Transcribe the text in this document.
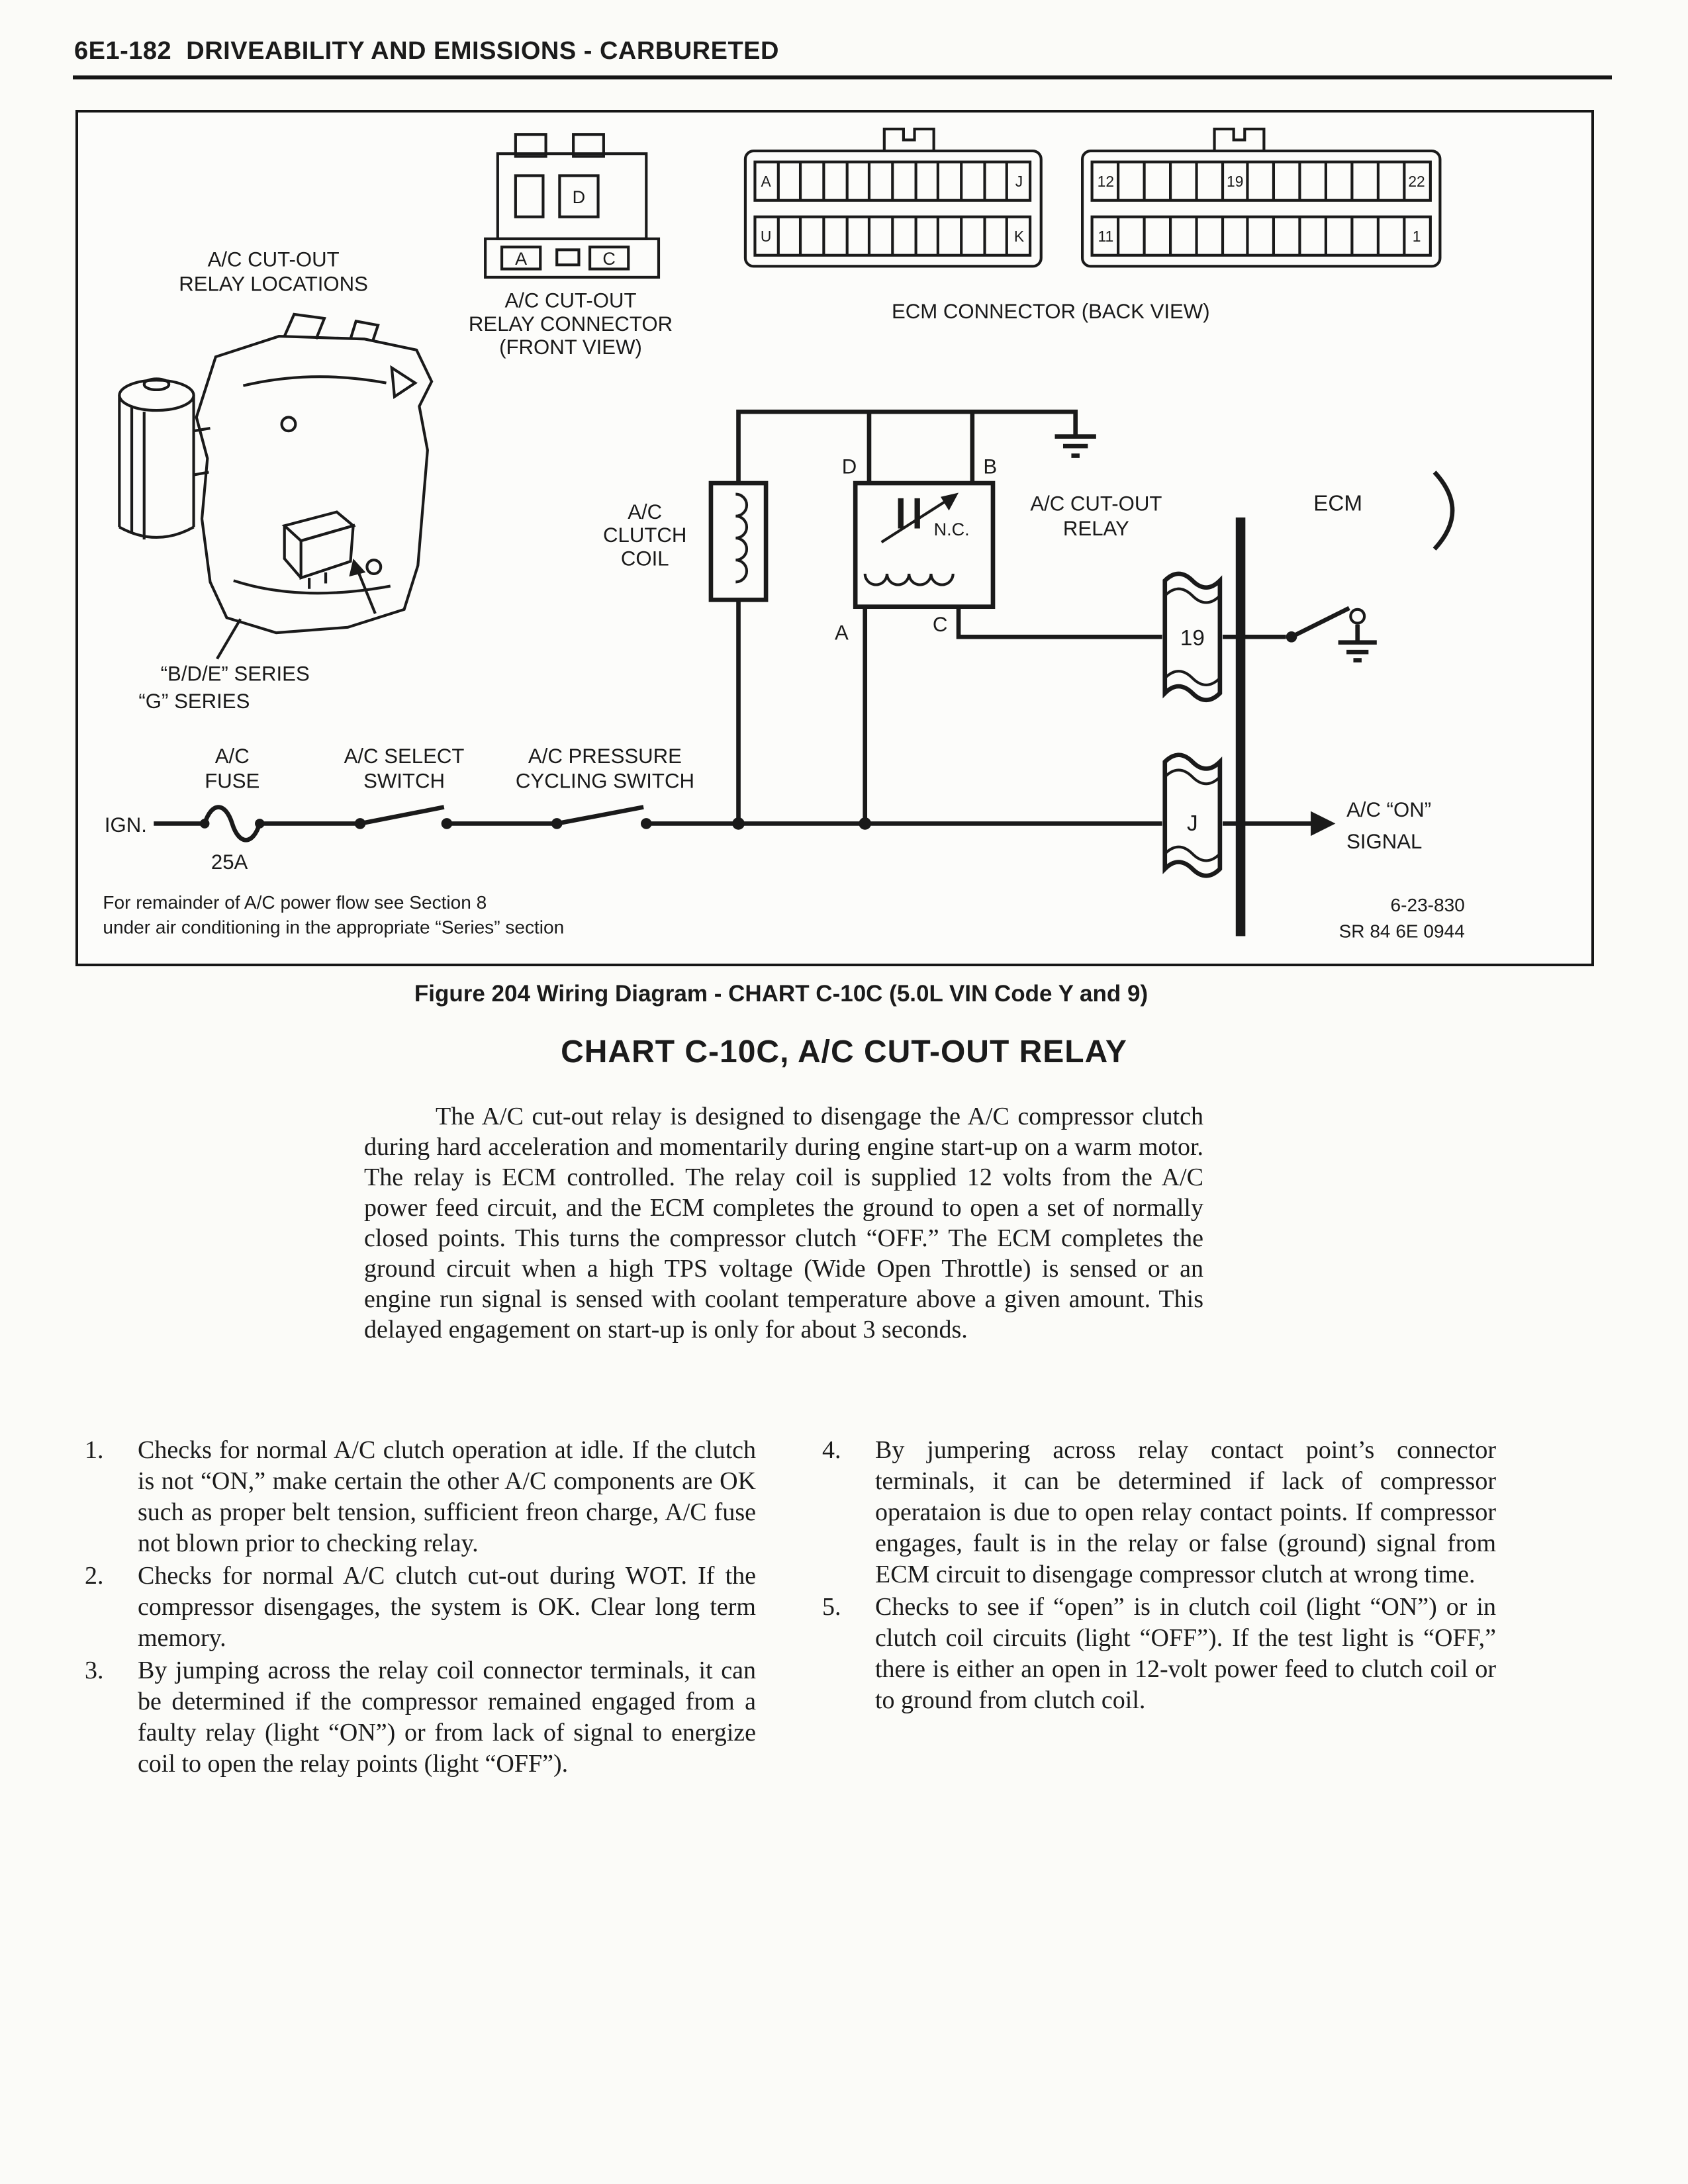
6E1-182  DRIVEABILITY AND EMISSIONS - CARBURETED
A/C CUT-OUT
RELAY LOCATIONS
D
A	C
A/C CUT-OUT
RELAY CONNECTOR
(FRONT VIEW)
A	J
U	K
12	19	22
11	1
ECM CONNECTOR (BACK VIEW)
“B/D/E” SERIES
“G” SERIES
A/C
CLUTCH
COIL
D	B
N.C.
A	C
A/C CUT-OUT
RELAY
19
ECM
IGN.
A/C
FUSE
25A
A/C SELECT
SWITCH
A/C PRESSURE
CYCLING SWITCH
J
A/C “ON”
SIGNAL
For remainder of A/C power flow see Section 8
under air conditioning in the appropriate “Series” section
6-23-830
SR 84 6E 0944
Figure 204 Wiring Diagram - CHART C-10C (5.0L VIN Code Y and 9)
CHART C-10C, A/C CUT-OUT RELAY

The A/C cut-out relay is designed to disengage the A/C compressor clutch during hard acceleration and momentarily during engine start-up on a warm motor. The relay is ECM controlled. The relay coil is supplied 12 volts from the A/C power feed circuit, and the ECM completes the ground to open a set of normally closed points. This turns the compressor clutch “OFF.” The ECM completes the ground circuit when a high TPS voltage (Wide Open Throttle) is sensed or an engine run signal is sensed with coolant temperature above a given amount. This delayed engagement on start-up is only for about 3 seconds.

1.	Checks for normal A/C clutch operation at idle. If the clutch is not “ON,” make certain the other A/C components are OK such as proper belt tension, sufficient freon charge, A/C fuse not blown prior to checking relay.
2.	Checks for normal A/C clutch cut-out during WOT. If the compressor disengages, the system is OK. Clear long term memory.
3.	By jumping across the relay coil connector terminals, it can be determined if the compressor remained engaged from a faulty relay (light “ON”) or from lack of signal to energize coil to open the relay points (light “OFF”).
4.	By jumpering across relay contact point’s connector terminals, it can be determined if lack of compressor operataion is due to open relay contact points. If compressor engages, fault is in the relay or false (ground) signal from ECM circuit to disengage compressor clutch at wrong time.
5.	Checks to see if “open” is in clutch coil (light “ON”) or in clutch coil circuits (light “OFF”). If the test light is “OFF,” there is either an open in 12-volt power feed to clutch coil or to ground from clutch coil.
